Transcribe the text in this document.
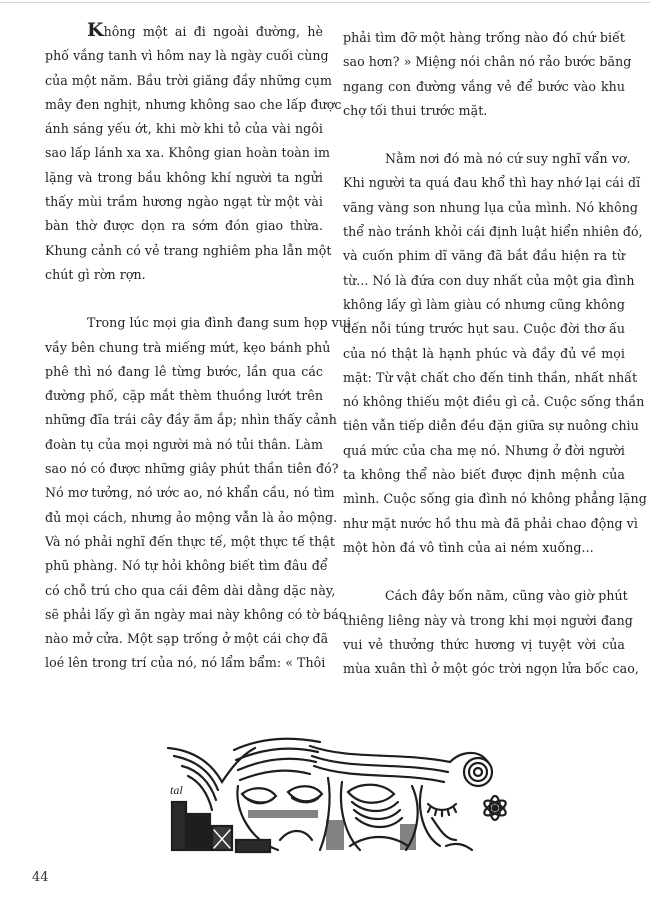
Không một ai đi ngoài đường, hè
phố vắng tanh vì hôm nay là ngày cuối cùng
của một năm. Bầu trời giăng đầy những cụm
mây đen nghịt, nhưng không sao che lấp được
ánh sáng yếu ớt, khi mờ khi tỏ của vài ngôi
sao lấp lánh xa xa. Không gian hoàn toàn im
lặng và trong bầu không khí người ta ngửi
thấy mùi trầm hương ngào ngạt từ một vài
bàn thờ được dọn ra sớm đón giao thừa.
Khung cảnh có vẻ trang nghiêm pha lẫn một
chút gì rờn rợn.

Trong lúc mọi gia đình đang sum họp vui
vầy bên chung trà miếng mứt, kẹo bánh phủ
phê thì nó đang lê từng bước, lần qua các
đường phố, cặp mắt thèm thuồng lướt trên
những đĩa trái cây đầy ăm ắp; nhìn thấy cảnh
đoàn tụ của mọi người mà nó tủi thân. Làm
sao nó có được những giây phút thần tiên đó?
Nó mơ tưởng, nó ước ao, nó khẩn cầu, nó tìm
đủ mọi cách, nhưng ảo mộng vẫn là ảo mộng.
Và nó phải nghĩ đến thực tế, một thực tế thật
phũ phàng. Nó tự hỏi không biết tìm đâu để
có chỗ trú cho qua cái đêm dài dằng dặc này,
sẽ phải lấy gì ăn ngày mai này không có tờ báo
nào mở cửa. Một sạp trống ở một cái chợ đã
loé lên trong trí của nó, nó lẩm bẩm: « Thôi

phải tìm đỡ một hàng trống nào đó chứ biết
sao hơn? » Miệng nói chân nó rảo bước băng
ngang con đường vắng vẻ để bước vào khu
chợ tối thui trước mặt.

Nằm nơi đó mà nó cứ suy nghĩ vẩn vơ.
Khi người ta quá đau khổ thì hay nhớ lại cái dĩ
vãng vàng son nhung lụa của mình. Nó không
thể nào tránh khỏi cái định luật hiển nhiên đó,
và cuốn phim dĩ vãng đã bắt đầu hiện ra từ
từ... Nó là đứa con duy nhất của một gia đình
không lấy gì làm giàu có nhưng cũng không
đến nỗi túng trước hụt sau. Cuộc đời thơ ấu
của nó thật là hạnh phúc và đầy đủ về mọi
mặt: Từ vật chất cho đến tinh thần, nhất nhất
nó không thiếu một điều gì cả. Cuộc sống thần
tiên vẫn tiếp diễn đều đặn giữa sự nuông chiu
quá mức của cha mẹ nó. Nhưng ở đời người
ta không thể nào biết được định mệnh của
mình. Cuộc sống gia đình nó không phẳng lặng
như mặt nước hồ thu mà đã phải chao động vì
một hòn đá vô tình của ai ném xuống...

Cách đây bốn năm, cũng vào giờ phút
thiêng liêng này và trong khi mọi người đang
vui vẻ thưởng thức hương vị tuyệt vời của
mùa xuân thì ở một góc trời ngọn lửa bốc cao,

tal
44
